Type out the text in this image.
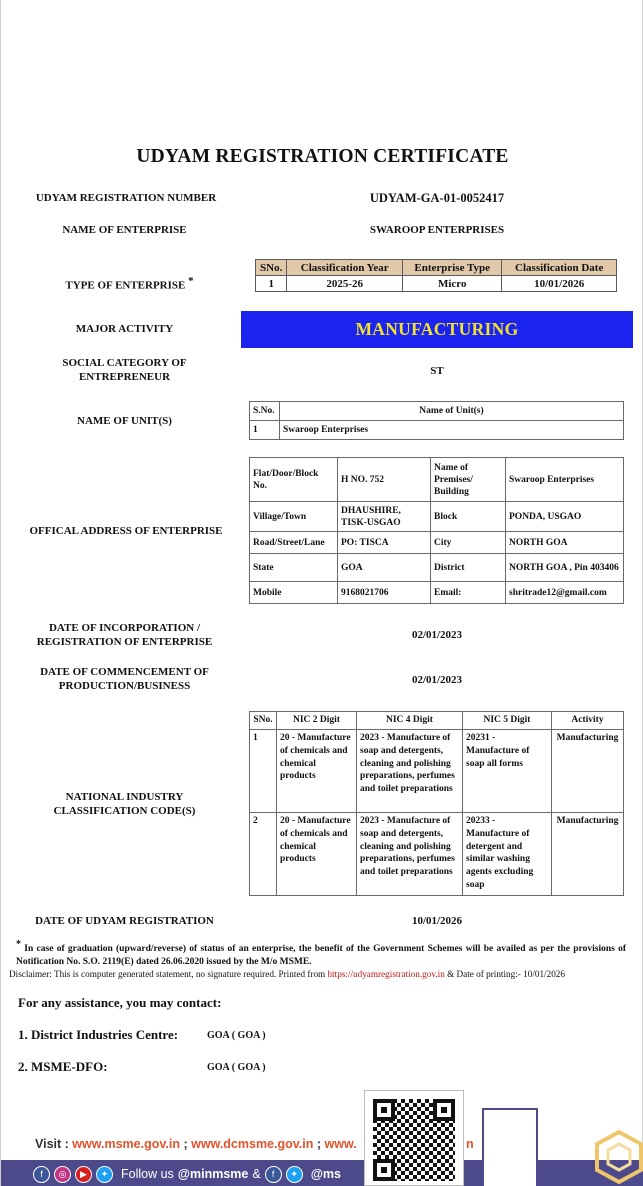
UDYAM REGISTRATION CERTIFICATE
UDYAM REGISTRATION NUMBER	UDYAM-GA-01-0052417
NAME OF ENTERPRISE	SWAROOP ENTERPRISES
TYPE OF ENTERPRISE *
SNo.	Classification Year	Enterprise Type	Classification Date
1	2025-26	Micro	10/01/2026
MAJOR ACTIVITY	MANUFACTURING
SOCIAL CATEGORY OF
ENTREPRENEUR	ST
NAME OF UNIT(S)
S.No.	Name of Unit(s)
1	Swaroop Enterprises
OFFICAL ADDRESS OF ENTERPRISE
Flat/Door/Block No.	H NO. 752	Name of Premises/ Building	Swaroop Enterprises
Village/Town	DHAUSHIRE, TISK-USGAO	Block	PONDA, USGAO
Road/Street/Lane	PO: TISCA	City	NORTH GOA
State	GOA	District	NORTH GOA , Pin 403406
Mobile	9168021706	Email:	shritrade12@gmail.com
DATE OF INCORPORATION /
REGISTRATION OF ENTERPRISE
02/01/2023
DATE OF COMMENCEMENT OF
PRODUCTION/BUSINESS	02/01/2023
NATIONAL INDUSTRY
CLASSIFICATION CODE(S)
SNo.	NIC 2 Digit	NIC 4 Digit	NIC 5 Digit	Activity
1	20 - Manufacture of chemicals and chemical products	2023 - Manufacture of soap and detergents, cleaning and polishing preparations, perfumes and toilet preparations	20231 - Manufacture of soap all forms	Manufacturing
2	20 - Manufacture of chemicals and chemical products	2023 - Manufacture of soap and detergents, cleaning and polishing preparations, perfumes and toilet preparations	20233 - Manufacture of detergent and similar washing agents excluding soap	Manufacturing
DATE OF UDYAM REGISTRATION	10/01/2026
* In case of graduation (upward/reverse) of status of an enterprise, the benefit of the Government Schemes will be availed as per the provisions of Notification No. S.O. 2119(E) dated 26.06.2020 issued by the M/o MSME.
Disclaimer: This is computer generated statement, no signature required. Printed from https://udyamregistration.gov.in & Date of printing:- 10/01/2026
For any assistance, you may contact:
1. District Industries Centre:	GOA ( GOA )
2. MSME-DFO:	GOA ( GOA )
Visit : www.msme.gov.in ; www.dcmsme.gov.in ; www.	n
f	◎	▶	✦	Follow us @minmsme &	f	✦	@ms
